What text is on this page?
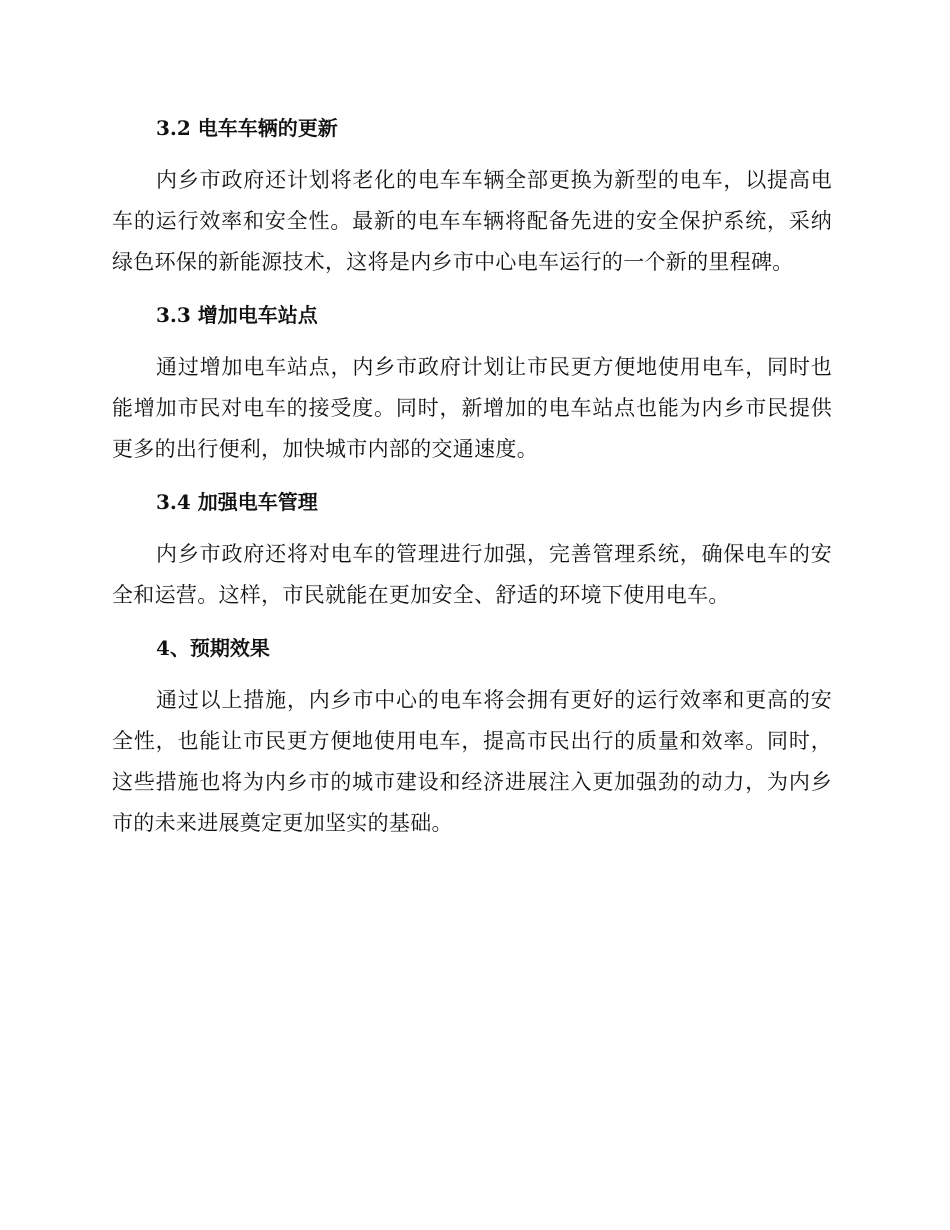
3.2 电车车辆的更新

内乡市政府还计划将老化的电车车辆全部更换为新型的电车，以提高电车的运行效率和安全性。最新的电车车辆将配备先进的安全保护系统，采纳绿色环保的新能源技术，这将是内乡市中心电车运行的一个新的里程碑。

3.3 增加电车站点

通过增加电车站点，内乡市政府计划让市民更方便地使用电车，同时也能增加市民对电车的接受度。同时，新增加的电车站点也能为内乡市民提供更多的出行便利，加快城市内部的交通速度。

3.4 加强电车管理

内乡市政府还将对电车的管理进行加强，完善管理系统，确保电车的安全和运营。这样，市民就能在更加安全、舒适的环境下使用电车。

4、预期效果

通过以上措施，内乡市中心的电车将会拥有更好的运行效率和更高的安全性，也能让市民更方便地使用电车，提高市民出行的质量和效率。同时，这些措施也将为内乡市的城市建设和经济进展注入更加强劲的动力，为内乡市的未来进展奠定更加坚实的基础。
